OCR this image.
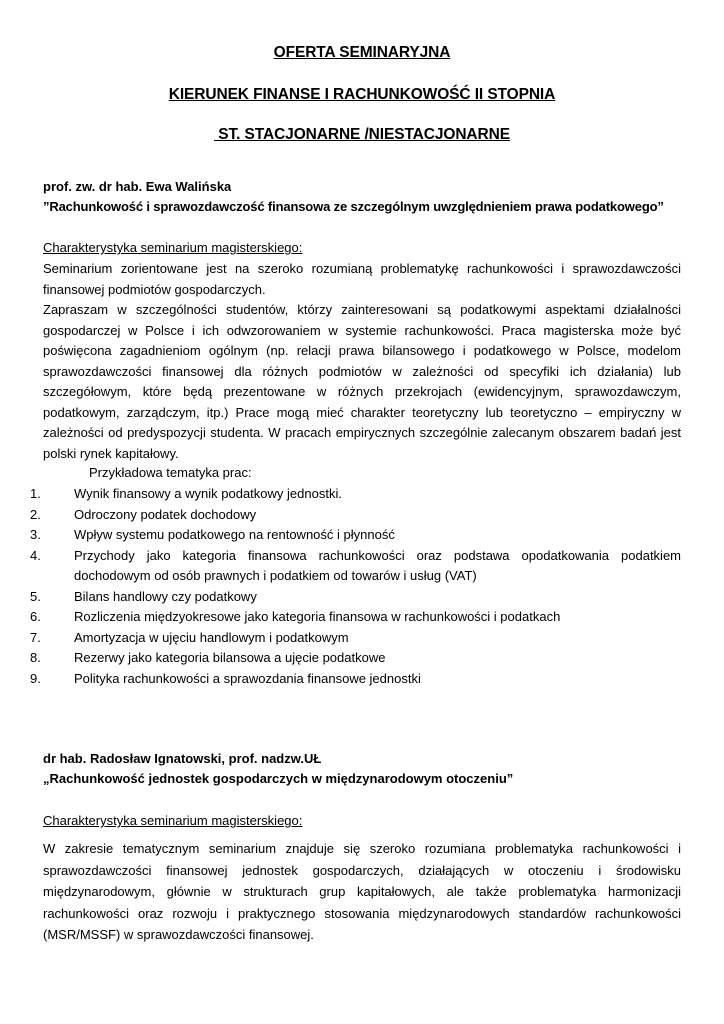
OFERTA SEMINARYJNA
KIERUNEK FINANSE I RACHUNKOWOŚĆ II STOPNIA
ST. STACJONARNE /NIESTACJONARNE
prof. zw. dr hab. Ewa Walińska
”Rachunkowość i sprawozdawczość finansowa ze szczególnym uwzględnieniem prawa podatkowego”
Charakterystyka seminarium magisterskiego:
Seminarium zorientowane jest na szeroko rozumianą problematykę rachunkowości i sprawozdawczości finansowej podmiotów gospodarczych.
Zapraszam w szczególności studentów, którzy zainteresowani są podatkowymi aspektami działalności gospodarczej w Polsce i ich odwzorowaniem w systemie rachunkowości. Praca magisterska może być poświęcona zagadnieniom ogólnym (np. relacji prawa bilansowego i podatkowego w Polsce, modelom sprawozdawczości finansowej dla różnych podmiotów w zależności od specyfiki ich działania) lub szczegółowym, które będą prezentowane w różnych przekrojach (ewidencyjnym, sprawozdawczym, podatkowym, zarządczym, itp.) Prace mogą mieć charakter teoretyczny lub teoretyczno – empiryczny w zależności od predyspozycji studenta. W pracach empirycznych szczególnie zalecanym obszarem badań jest polski rynek kapitałowy.
Przykładowa tematyka prac:
1.	Wynik finansowy a wynik podatkowy jednostki.
2.	Odroczony podatek dochodowy
3.	Wpływ systemu podatkowego na rentowność i płynność
4.	Przychody jako kategoria finansowa rachunkowości oraz podstawa opodatkowania podatkiem dochodowym od osób prawnych i podatkiem od towarów i usług (VAT)
5.	Bilans handlowy czy podatkowy
6.	Rozliczenia międzyokresowe jako kategoria finansowa w rachunkowości i podatkach
7.	Amortyzacja w ujęciu handlowym i podatkowym
8.	Rezerwy jako kategoria bilansowa a ujęcie podatkowe
9.	Polityka rachunkowości a sprawozdania finansowe jednostki
dr hab. Radosław Ignatowski, prof. nadzw.UŁ
„Rachunkowość jednostek gospodarczych w międzynarodowym otoczeniu”
Charakterystyka seminarium magisterskiego:
W zakresie tematycznym seminarium znajduje się szeroko rozumiana problematyka rachunkowości i sprawozdawczości finansowej jednostek gospodarczych, działających w otoczeniu i środowisku międzynarodowym, głównie w strukturach grup kapitałowych, ale także problematyka harmonizacji rachunkowości oraz rozwoju i praktycznego stosowania międzynarodowych standardów rachunkowości (MSR/MSSF) w sprawozdawczości finansowej.
